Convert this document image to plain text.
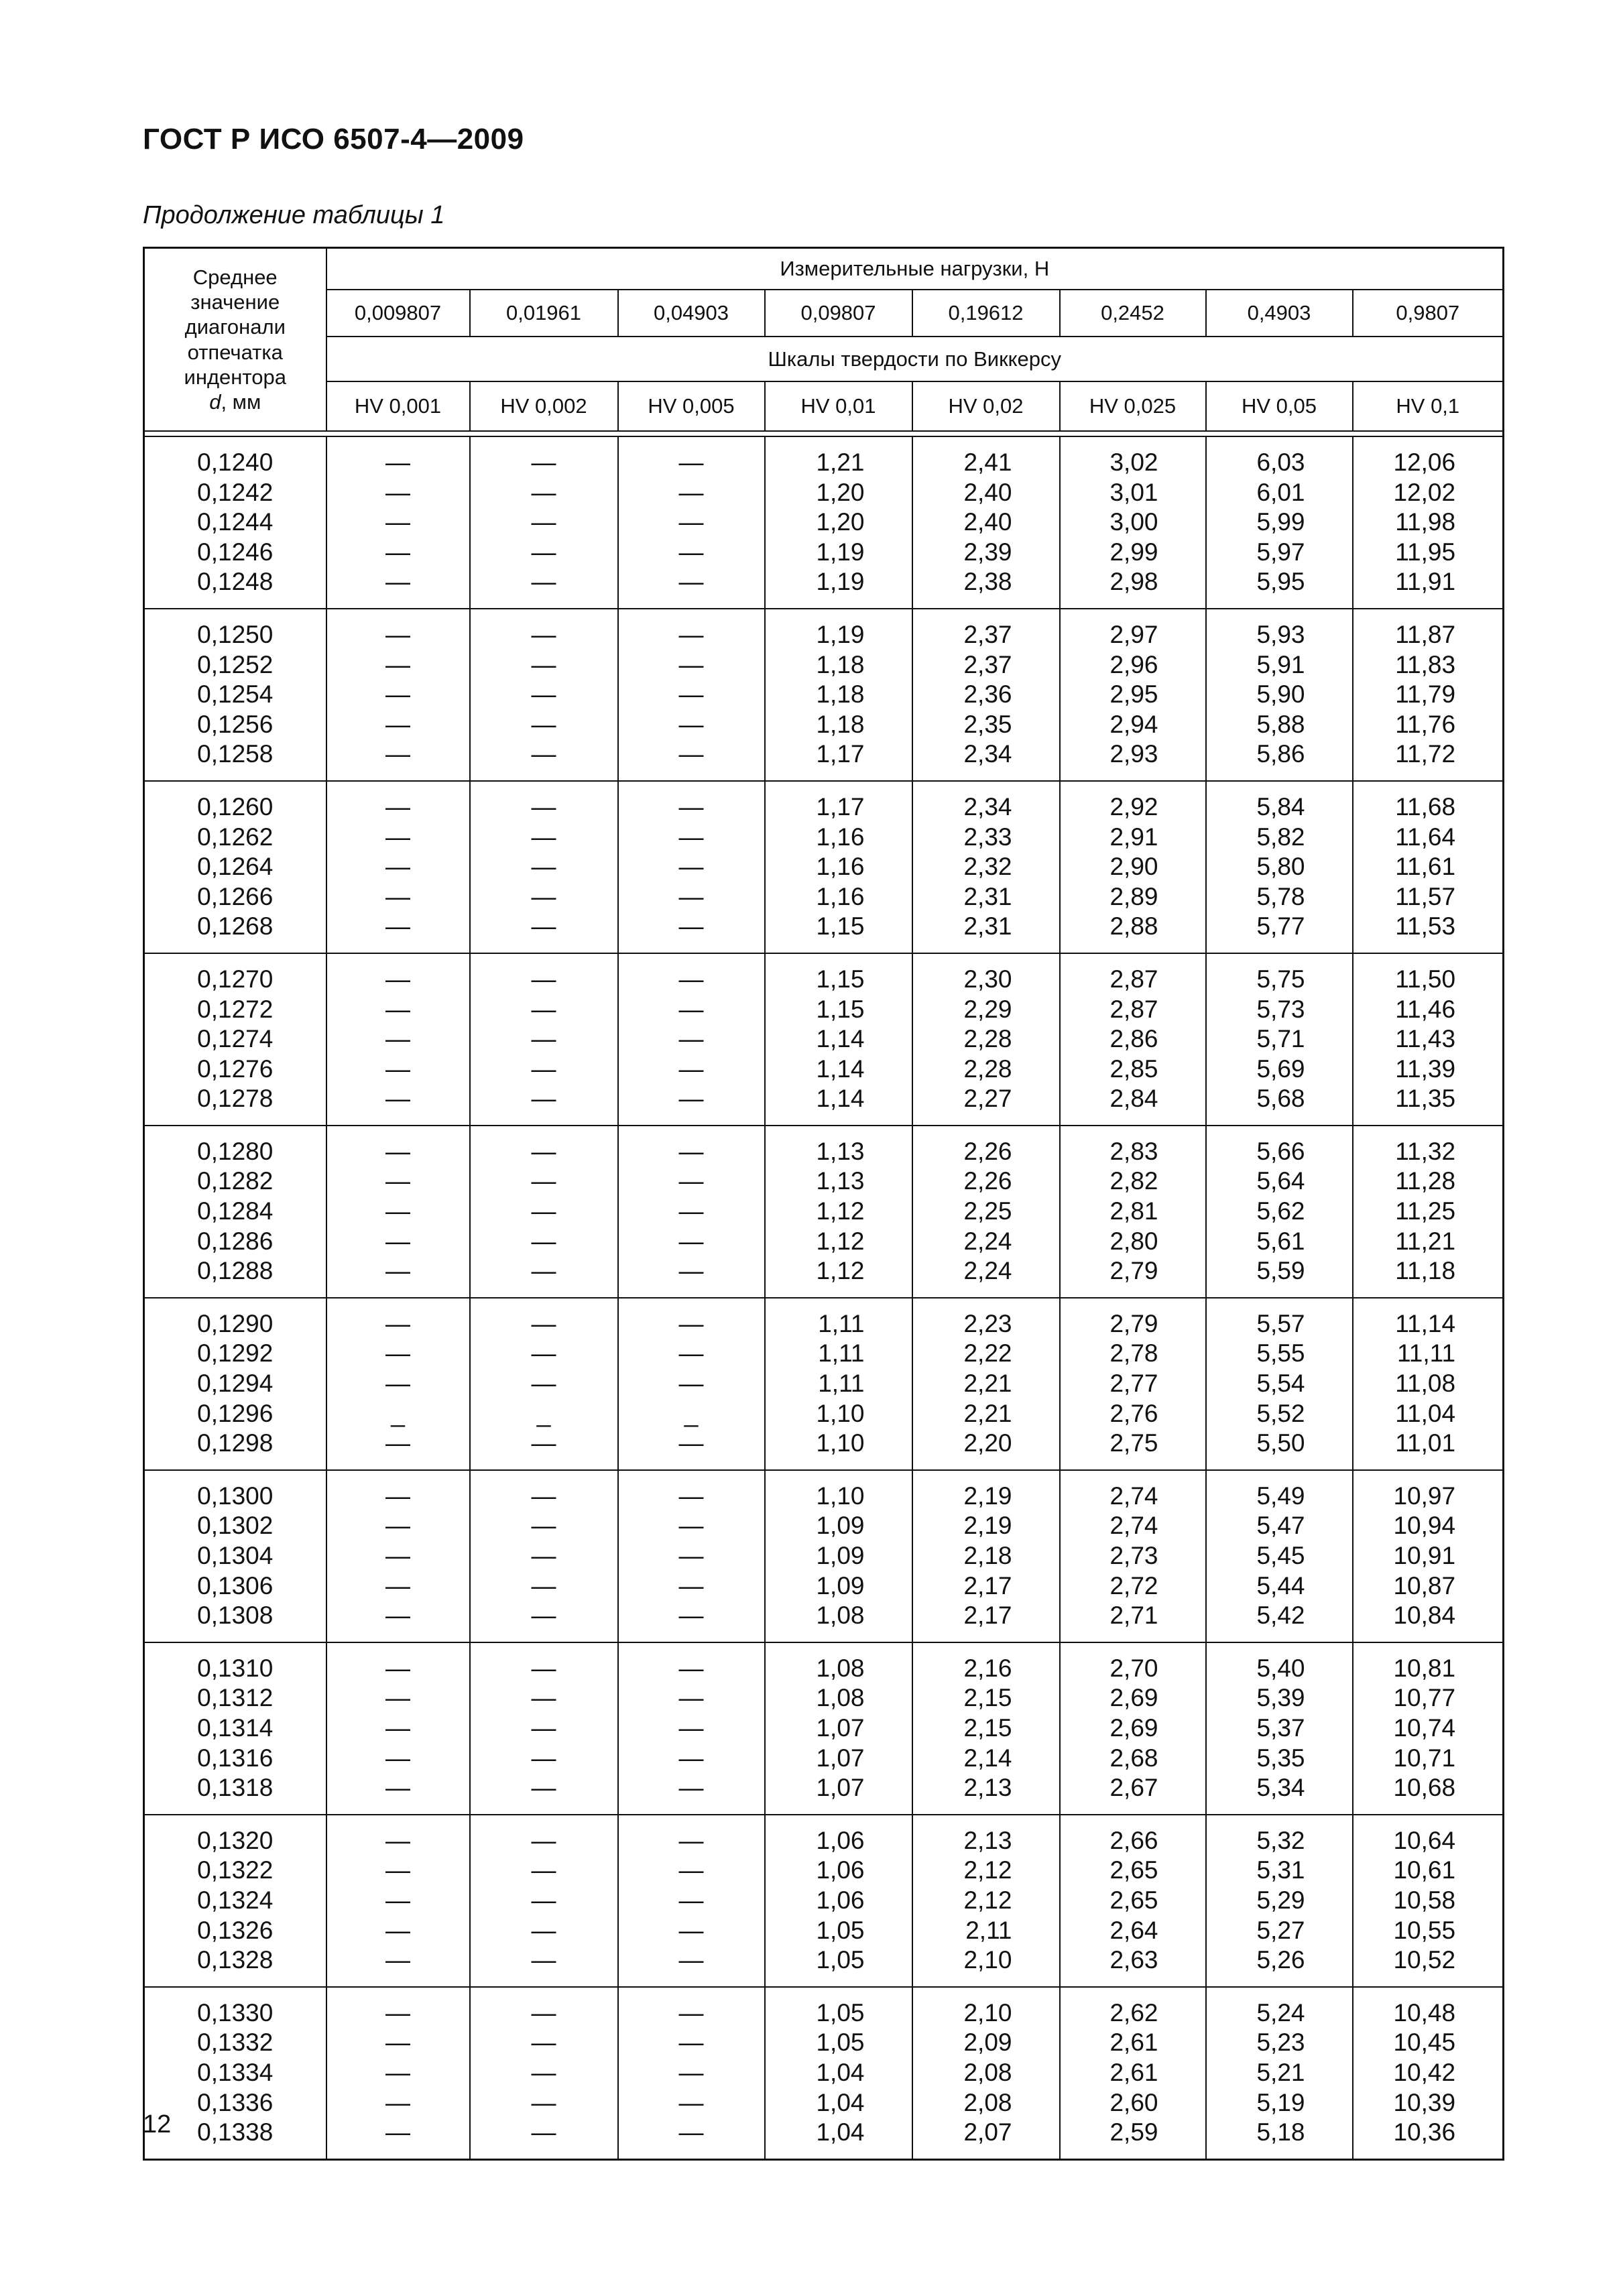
ГОСТ Р ИСО 6507-4—2009
Продолжение таблицы 1
Среднее значение диагонали отпечатка индентора
d, мм	Измерительные нагрузки, Н							
	0,009807	0,01961	0,04903	0,09807	0,19612	0,2452	0,4903	0,9807
	Шкалы твердости по Виккерсу							
	HV 0,001	HV 0,002	HV 0,005	HV 0,01	HV 0,02	HV 0,025	HV 0,05	HV 0,1

0,1240	—	—	—	1,21	2,41	3,02	6,03	12,06
0,1242	—	—	—	1,20	2,40	3,01	6,01	12,02
0,1244	—	—	—	1,20	2,40	3,00	5,99	11,98
0,1246	—	—	—	1,19	2,39	2,99	5,97	11,95
0,1248	—	—	—	1,19	2,38	2,98	5,95	11,91
0,1250	—	—	—	1,19	2,37	2,97	5,93	11,87
0,1252	—	—	—	1,18	2,37	2,96	5,91	11,83
0,1254	—	—	—	1,18	2,36	2,95	5,90	11,79
0,1256	—	—	—	1,18	2,35	2,94	5,88	11,76
0,1258	—	—	—	1,17	2,34	2,93	5,86	11,72
0,1260	—	—	—	1,17	2,34	2,92	5,84	11,68
0,1262	—	—	—	1,16	2,33	2,91	5,82	11,64
0,1264	—	—	—	1,16	2,32	2,90	5,80	11,61
0,1266	—	—	—	1,16	2,31	2,89	5,78	11,57
0,1268	—	—	—	1,15	2,31	2,88	5,77	11,53
0,1270	—	—	—	1,15	2,30	2,87	5,75	11,50
0,1272	—	—	—	1,15	2,29	2,87	5,73	11,46
0,1274	—	—	—	1,14	2,28	2,86	5,71	11,43
0,1276	—	—	—	1,14	2,28	2,85	5,69	11,39
0,1278	—	—	—	1,14	2,27	2,84	5,68	11,35
0,1280	—	—	—	1,13	2,26	2,83	5,66	11,32
0,1282	—	—	—	1,13	2,26	2,82	5,64	11,28
0,1284	—	—	—	1,12	2,25	2,81	5,62	11,25
0,1286	—	—	—	1,12	2,24	2,80	5,61	11,21
0,1288	—	—	—	1,12	2,24	2,79	5,59	11,18
0,1290	—	—	—	1,11	2,23	2,79	5,57	11,14
0,1292	—	—	—	1,11	2,22	2,78	5,55	11,11
0,1294	—	—	—	1,11	2,21	2,77	5,54	11,08
0,1296	_	_	_	1,10	2,21	2,76	5,52	11,04
0,1298	—	—	—	1,10	2,20	2,75	5,50	11,01
0,1300	—	—	—	1,10	2,19	2,74	5,49	10,97
0,1302	—	—	—	1,09	2,19	2,74	5,47	10,94
0,1304	—	—	—	1,09	2,18	2,73	5,45	10,91
0,1306	—	—	—	1,09	2,17	2,72	5,44	10,87
0,1308	—	—	—	1,08	2,17	2,71	5,42	10,84
0,1310	—	—	—	1,08	2,16	2,70	5,40	10,81
0,1312	—	—	—	1,08	2,15	2,69	5,39	10,77
0,1314	—	—	—	1,07	2,15	2,69	5,37	10,74
0,1316	—	—	—	1,07	2,14	2,68	5,35	10,71
0,1318	—	—	—	1,07	2,13	2,67	5,34	10,68
0,1320	—	—	—	1,06	2,13	2,66	5,32	10,64
0,1322	—	—	—	1,06	2,12	2,65	5,31	10,61
0,1324	—	—	—	1,06	2,12	2,65	5,29	10,58
0,1326	—	—	—	1,05	2,11	2,64	5,27	10,55
0,1328	—	—	—	1,05	2,10	2,63	5,26	10,52
0,1330	—	—	—	1,05	2,10	2,62	5,24	10,48
0,1332	—	—	—	1,05	2,09	2,61	5,23	10,45
0,1334	—	—	—	1,04	2,08	2,61	5,21	10,42
0,1336	—	—	—	1,04	2,08	2,60	5,19	10,39
0,1338	—	—	—	1,04	2,07	2,59	5,18	10,36
12
